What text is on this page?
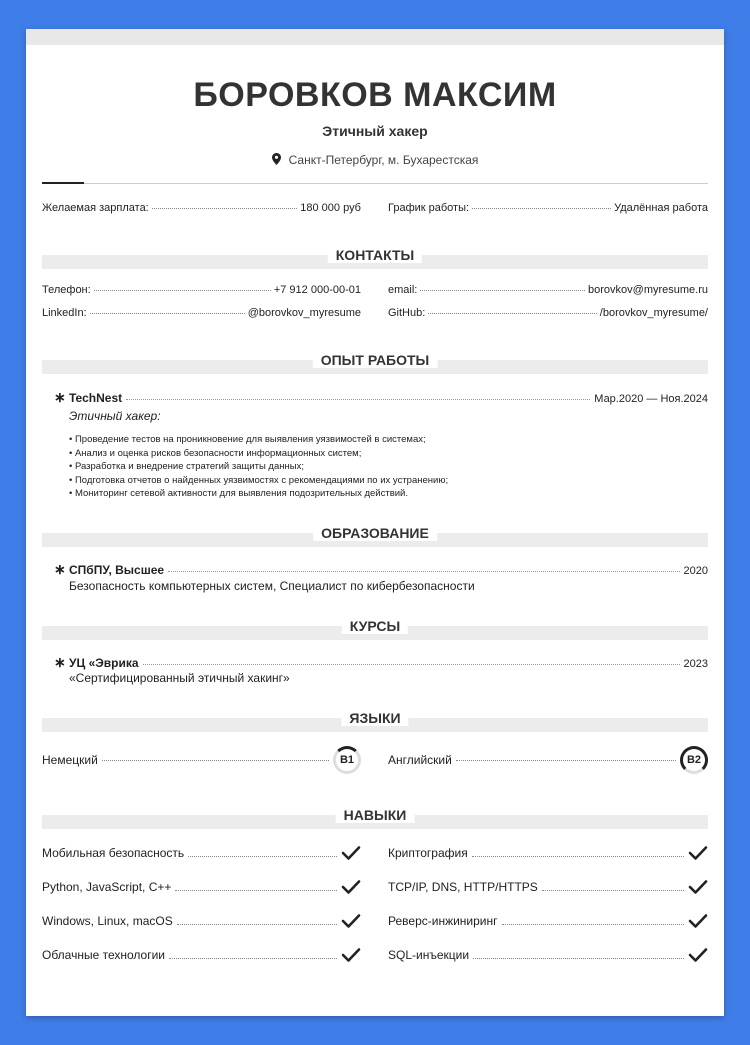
БОРОВКОВ МАКСИМ
Этичный хакер
Санкт-Петербург, м. Бухарестская
Желаемая зарплата:	180 000 руб График работы:	Удалённая работа
КОНТАКТЫ
Телефон:	+7 912 000-00-01 email:	borovkov@myresume.ru
LinkedIn:	@borovkov_myresume GitHub:	/borovkov_myresume/
ОПЫТ РАБОТЫ
∗ TechNest	Мар.2020 — Ноя.2024
Этичный хакер:
• Проведение тестов на проникновение для выявления уязвимостей в системах;
• Анализ и оценка рисков безопасности информационных систем;
• Разработка и внедрение стратегий защиты данных;
• Подготовка отчетов о найденных уязвимостях с рекомендациями по их устранению;
• Мониторинг сетевой активности для выявления подозрительных действий.
ОБРАЗОВАНИЕ
∗ СПбПУ, Высшее	2020
Безопасность компьютерных систем, Специалист по кибербезопасности
КУРСЫ
∗ УЦ «Эврика	2023
«Сертифицированный этичный хакинг»
ЯЗЫКИ
Немецкий	B1	Английский	B2
НАВЫКИ
Мобильная безопасность	Криптография
Python, JavaScript, C++	TCP/IP, DNS, HTTP/HTTPS
Windows, Linux, macOS	Реверс-инжиниринг
Облачные технологии	SQL-инъекции
